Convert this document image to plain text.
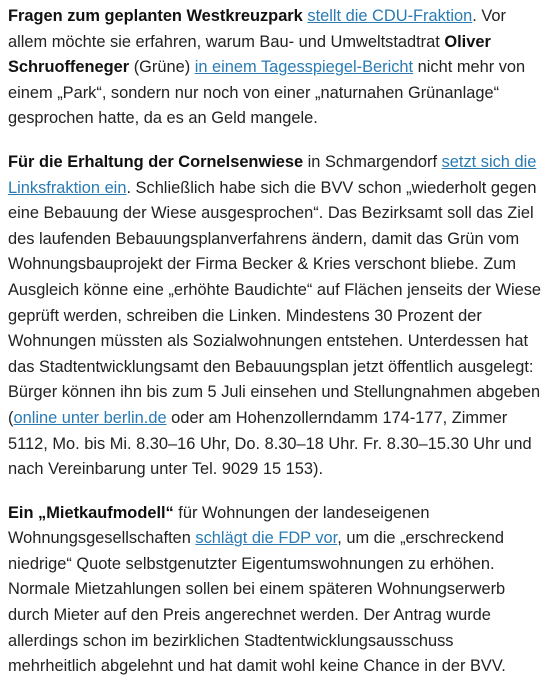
Fragen zum geplanten Westkreuzpark stellt die CDU-Fraktion. Vor allem möchte sie erfahren, warum Bau- und Umweltstadtrat Oliver Schruoffeneger (Grüne) in einem Tagesspiegel-Bericht nicht mehr von einem „Park“, sondern nur noch von einer „naturnahen Grünanlage“ gesprochen hatte, da es an Geld mangele.

Für die Erhaltung der Cornelsenwiese in Schmargendorf setzt sich die Linksfraktion ein. Schließlich habe sich die BVV schon „wiederholt gegen eine Bebauung der Wiese ausgesprochen“. Das Bezirksamt soll das Ziel des laufenden Bebauungsplanverfahrens ändern, damit das Grün vom Wohnungsbauprojekt der Firma Becker & Kries verschont bliebe. Zum Ausgleich könne eine „erhöhte Baudichte“ auf Flächen jenseits der Wiese geprüft werden, schreiben die Linken. Mindestens 30 Prozent der Wohnungen müssten als Sozialwohnungen entstehen. Unterdessen hat das Stadtentwicklungsamt den Bebauungsplan jetzt öffentlich ausgelegt: Bürger können ihn bis zum 5 Juli einsehen und Stellungnahmen abgeben (online unter berlin.de oder am Hohenzollerndamm 174-177, Zimmer 5112, Mo. bis Mi. 8.30–16 Uhr, Do. 8.30–18 Uhr. Fr. 8.30–15.30 Uhr und nach Vereinbarung unter Tel. 9029 15 153).

Ein „Mietkaufmodell“ für Wohnungen der landeseigenen Wohnungsgesellschaften schlägt die FDP vor, um die „erschreckend niedrige“ Quote selbstgenutzter Eigentumswohnungen zu erhöhen. Normale Mietzahlungen sollen bei einem späteren Wohnungserwerb durch Mieter auf den Preis angerechnet werden. Der Antrag wurde allerdings schon im bezirklichen Stadtentwicklungsausschuss mehrheitlich abgelehnt und hat damit wohl keine Chance in der BVV.
